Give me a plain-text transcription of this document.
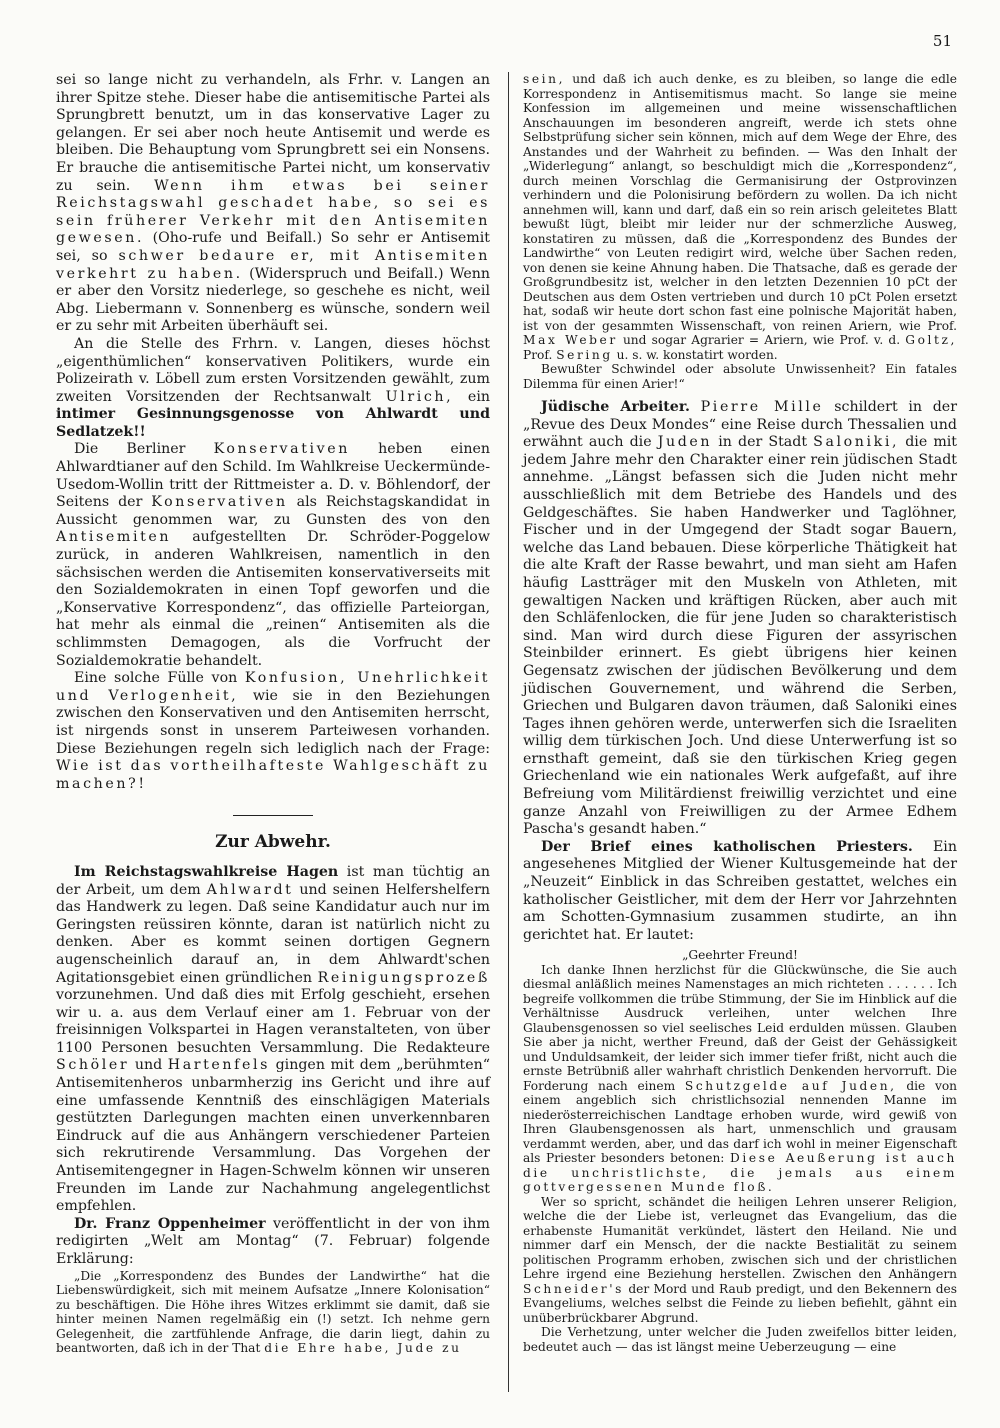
51

sei so lange nicht zu verhandeln, als Frhr. v. Langen an ihrer Spitze stehe. Dieser habe die antisemitische Partei als Sprungbrett benutzt, um in das konservative Lager zu gelangen. Er sei aber noch heute Antisemit und werde es bleiben. Die Behauptung vom Sprungbrett sei ein Nonsens. Er brauche die antisemitische Partei nicht, um konservativ zu sein. Wenn ihm etwas bei seiner Reichstagswahl geschadet habe, so sei es sein früherer Verkehr mit den Antisemiten gewesen. (Oho-rufe und Beifall.) So sehr er Antisemit sei, so schwer bedaure er, mit Antisemiten verkehrt zu haben. (Widerspruch und Beifall.) Wenn er aber den Vorsitz niederlege, so geschehe es nicht, weil Abg. Liebermann v. Sonnenberg es wünsche, sondern weil er zu sehr mit Arbeiten überhäuft sei.

An die Stelle des Frhrn. v. Langen, dieses höchst „eigenthümlichen“ konservativen Politikers, wurde ein Polizeirath v. Löbell zum ersten Vorsitzenden gewählt, zum zweiten Vorsitzenden der Rechtsanwalt Ulrich, ein intimer Gesinnungsgenosse von Ahlwardt und Sedlatzek!!

Die Berliner Konservativen heben einen Ahlwardtianer auf den Schild. Im Wahlkreise Ueckermünde-Usedom-Wollin tritt der Rittmeister a. D. v. Böhlendorf, der Seitens der Konservativen als Reichstagskandidat in Aussicht genommen war, zu Gunsten des von den Antisemiten aufgestellten Dr. Schröder-Poggelow zurück, in anderen Wahlkreisen, namentlich in den sächsischen werden die Antisemiten konservativerseits mit den Sozialdemokraten in einen Topf geworfen und die „Konservative Korrespondenz“, das offizielle Parteiorgan, hat mehr als einmal die „reinen“ Antisemiten als die schlimmsten Demagogen, als die Vorfrucht der Sozialdemokratie behandelt.

Eine solche Fülle von Konfusion, Unehrlichkeit und Verlogenheit, wie sie in den Beziehungen zwischen den Konservativen und den Antisemiten herrscht, ist nirgends sonst in unserem Parteiwesen vorhanden. Diese Beziehungen regeln sich lediglich nach der Frage: Wie ist das vortheilhafteste Wahlgeschäft zu machen?!

Zur Abwehr.

Im Reichstagswahlkreise Hagen ist man tüchtig an der Arbeit, um dem Ahlwardt und seinen Helfershelfern das Handwerk zu legen. Daß seine Kandidatur auch nur im Geringsten reüssiren könnte, daran ist natürlich nicht zu denken. Aber es kommt seinen dortigen Gegnern augenscheinlich darauf an, in dem Ahlwardt'schen Agitationsgebiet einen gründlichen Reinigungsprozeß vorzunehmen. Und daß dies mit Erfolg geschieht, ersehen wir u. a. aus dem Verlauf einer am 1. Februar von der freisinnigen Volkspartei in Hagen veranstalteten, von über 1100 Personen besuchten Versammlung. Die Redakteure Schöler und Hartenfels gingen mit dem „berühmten“ Antisemitenheros unbarmherzig ins Gericht und ihre auf eine umfassende Kenntniß des einschlägigen Materials gestützten Darlegungen machten einen unverkennbaren Eindruck auf die aus Anhängern verschiedener Parteien sich rekrutirende Versammlung. Das Vorgehen der Antisemitengegner in Hagen-Schwelm können wir unseren Freunden im Lande zur Nachahmung angelegentlichst empfehlen.

Dr. Franz Oppenheimer veröffentlicht in der von ihm redigirten „Welt am Montag“ (7. Februar) folgende Erklärung:

„Die „Korrespondenz des Bundes der Landwirthe“ hat die Liebenswürdigkeit, sich mit meinem Aufsatze „Innere Kolonisation“ zu beschäftigen. Die Höhe ihres Witzes erklimmt sie damit, daß sie hinter meinen Namen regelmäßig ein (!) setzt. Ich nehme gern Gelegenheit, die zartfühlende Anfrage, die darin liegt, dahin zu beantworten, daß ich in der That die Ehre habe, Jude zu

sein, und daß ich auch denke, es zu bleiben, so lange die edle Korrespondenz in Antisemitismus macht. So lange sie meine Konfession im allgemeinen und meine wissenschaftlichen Anschauungen im besonderen angreift, werde ich stets ohne Selbstprüfung sicher sein können, mich auf dem Wege der Ehre, des Anstandes und der Wahrheit zu befinden. — Was den Inhalt der „Widerlegung“ anlangt, so beschuldigt mich die „Korrespondenz“, durch meinen Vorschlag die Germanisirung der Ostprovinzen verhindern und die Polonisirung befördern zu wollen. Da ich nicht annehmen will, kann und darf, daß ein so rein arisch geleitetes Blatt bewußt lügt, bleibt mir leider nur der schmerzliche Ausweg, konstatiren zu müssen, daß die „Korrespondenz des Bundes der Landwirthe“ von Leuten redigirt wird, welche über Sachen reden, von denen sie keine Ahnung haben. Die Thatsache, daß es gerade der Großgrundbesitz ist, welcher in den letzten Dezennien 10 pCt der Deutschen aus dem Osten vertrieben und durch 10 pCt Polen ersetzt hat, sodaß wir heute dort schon fast eine polnische Majorität haben, ist von der gesammten Wissenschaft, von reinen Ariern, wie Prof. Max Weber und sogar Agrarier = Ariern, wie Prof. v. d. Goltz, Prof. Sering u. s. w. konstatirt worden.

Bewußter Schwindel oder absolute Unwissenheit? Ein fatales Dilemma für einen Arier!“

Jüdische Arbeiter. Pierre Mille schildert in der „Revue des Deux Mondes“ eine Reise durch Thessalien und erwähnt auch die Juden in der Stadt Saloniki, die mit jedem Jahre mehr den Charakter einer rein jüdischen Stadt annehme. „Längst befassen sich die Juden nicht mehr ausschließlich mit dem Betriebe des Handels und des Geldgeschäftes. Sie haben Handwerker und Taglöhner, Fischer und in der Umgegend der Stadt sogar Bauern, welche das Land bebauen. Diese körperliche Thätigkeit hat die alte Kraft der Rasse bewahrt, und man sieht am Hafen häufig Lastträger mit den Muskeln von Athleten, mit gewaltigen Nacken und kräftigen Rücken, aber auch mit den Schläfenlocken, die für jene Juden so charakteristisch sind. Man wird durch diese Figuren der assyrischen Steinbilder erinnert. Es giebt übrigens hier keinen Gegensatz zwischen der jüdischen Bevölkerung und dem jüdischen Gouvernement, und während die Serben, Griechen und Bulgaren davon träumen, daß Saloniki eines Tages ihnen gehören werde, unterwerfen sich die Israeliten willig dem türkischen Joch. Und diese Unterwerfung ist so ernsthaft gemeint, daß sie den türkischen Krieg gegen Griechenland wie ein nationales Werk aufgefaßt, auf ihre Befreiung vom Militärdienst freiwillig verzichtet und eine ganze Anzahl von Freiwilligen zu der Armee Edhem Pascha's gesandt haben.“

Der Brief eines katholischen Priesters. Ein angesehenes Mitglied der Wiener Kultusgemeinde hat der „Neuzeit“ Einblick in das Schreiben gestattet, welches ein katholischer Geistlicher, mit dem der Herr vor Jahrzehnten am Schotten-Gymnasium zusammen studirte, an ihn gerichtet hat. Er lautet:

„Geehrter Freund!

Ich danke Ihnen herzlichst für die Glückwünsche, die Sie auch diesmal anläßlich meines Namenstages an mich richteten . . . . . . Ich begreife vollkommen die trübe Stimmung, der Sie im Hinblick auf die Verhältnisse Ausdruck verleihen, unter welchen Ihre Glaubensgenossen so viel seelisches Leid erdulden müssen. Glauben Sie aber ja nicht, werther Freund, daß der Geist der Gehässigkeit und Unduldsamkeit, der leider sich immer tiefer frißt, nicht auch die ernste Betrübniß aller wahrhaft christlich Denkenden hervorruft. Die Forderung nach einem Schutzgelde auf Juden, die von einem angeblich sich christlichsozial nennenden Manne im niederösterreichischen Landtage erhoben wurde, wird gewiß von Ihren Glaubensgenossen als hart, unmenschlich und grausam verdammt werden, aber, und das darf ich wohl in meiner Eigenschaft als Priester besonders betonen: Diese Aeußerung ist auch die unchristlichste, die jemals aus einem gottvergessenen Munde floß.

Wer so spricht, schändet die heiligen Lehren unserer Religion, welche die der Liebe ist, verleugnet das Evangelium, das die erhabenste Humanität verkündet, lästert den Heiland. Nie und nimmer darf ein Mensch, der die nackte Bestialität zu seinem politischen Programm erhoben, zwischen sich und der christlichen Lehre irgend eine Beziehung herstellen. Zwischen den Anhängern Schneider's der Mord und Raub predigt, und den Bekennern des Evangeliums, welches selbst die Feinde zu lieben befiehlt, gähnt ein unüberbrückbarer Abgrund.

Die Verhetzung, unter welcher die Juden zweifellos bitter leiden, bedeutet auch — das ist längst meine Ueberzeugung — eine
